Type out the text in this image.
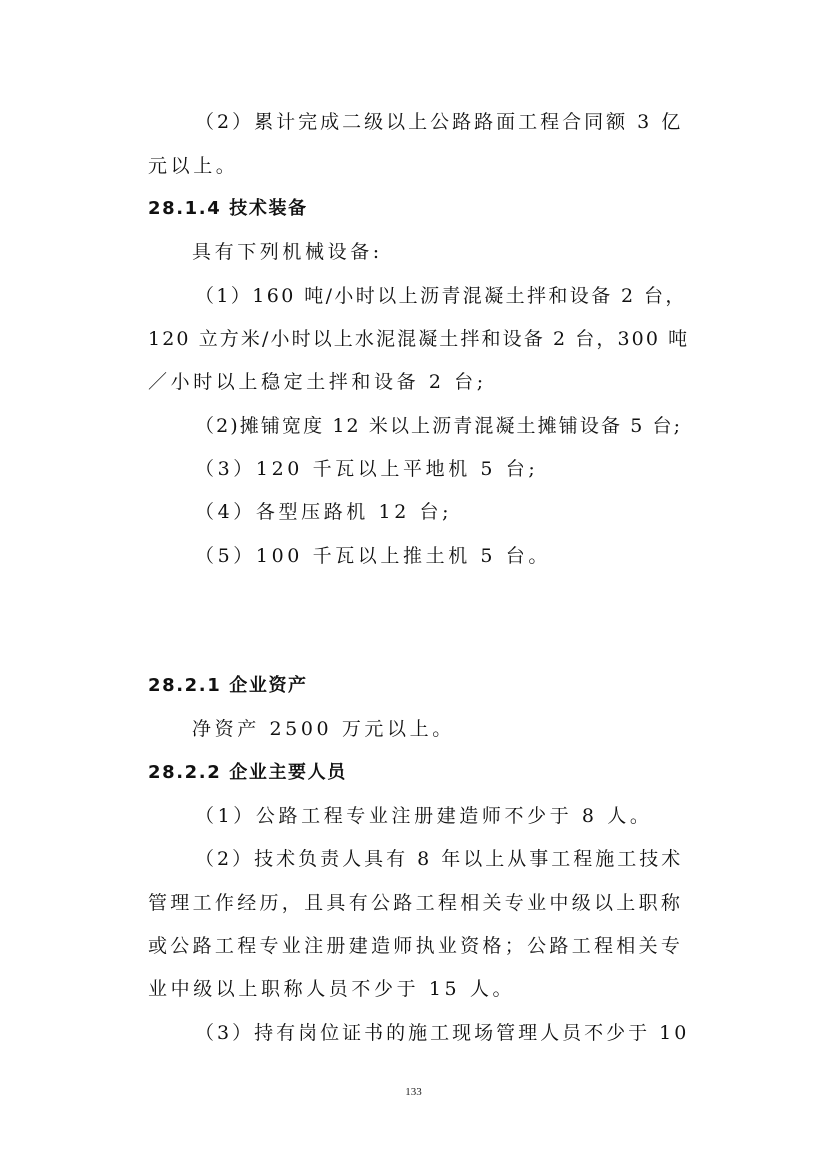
（2）累计完成二级以上公路路面工程合同额 3 亿

元以上。

28.1.4 技术装备

具有下列机械设备:

（1）160 吨/小时以上沥青混凝土拌和设备 2 台，

120 立方米/小时以上水泥混凝土拌和设备 2 台，300 吨

／小时以上稳定土拌和设备 2 台;

（2)摊铺宽度 12 米以上沥青混凝土摊铺设备 5 台;

（3）120 千瓦以上平地机 5 台;

（4）各型压路机 12 台;

（5）100 千瓦以上推土机 5 台。

28.2.1 企业资产

净资产 2500 万元以上。

28.2.2 企业主要人员

（1）公路工程专业注册建造师不少于 8 人。

（2）技术负责人具有 8 年以上从事工程施工技术

管理工作经历，且具有公路工程相关专业中级以上职称

或公路工程专业注册建造师执业资格；公路工程相关专

业中级以上职称人员不少于 15 人。

（3）持有岗位证书的施工现场管理人员不少于 10

133
